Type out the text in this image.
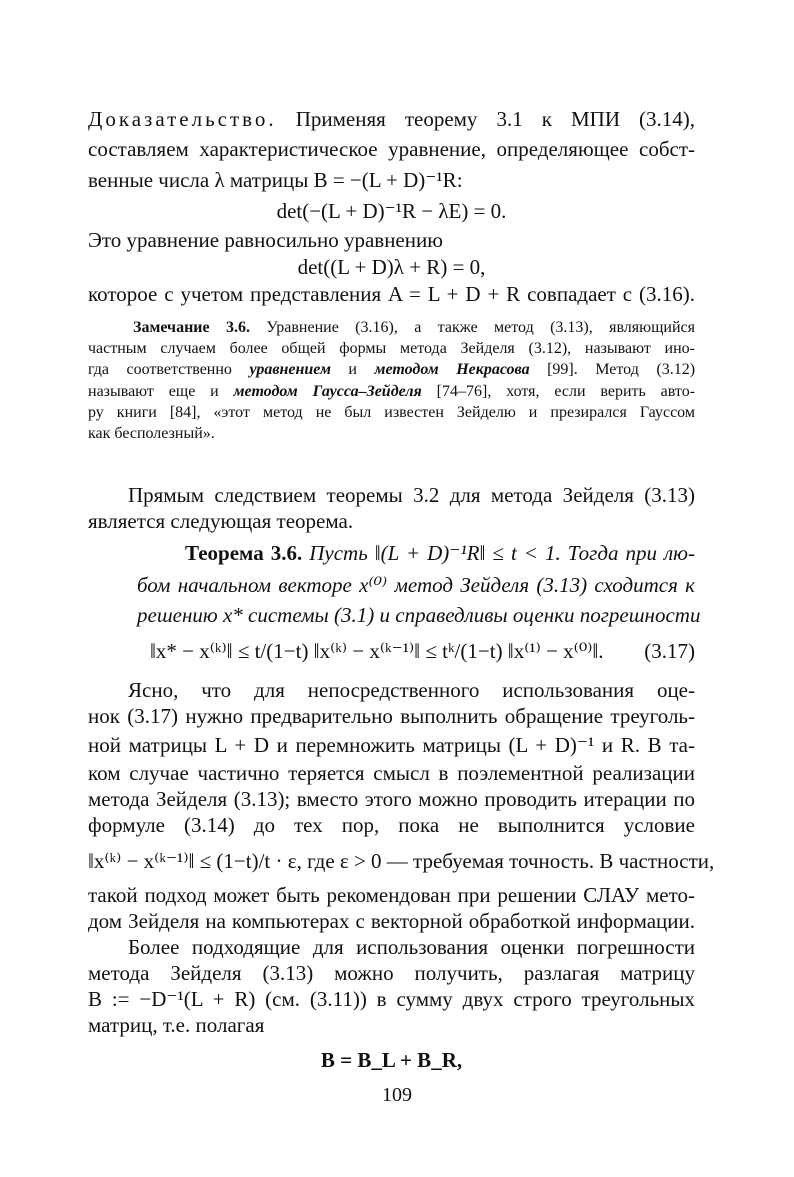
Доказательство. Применяя теорему 3.1 к МПИ (3.14),
составляем характеристическое уравнение, определяющее собст-
венные числа λ матрицы B = −(L + D)⁻¹R:
det(−(L + D)⁻¹R − λE) = 0.
Это уравнение равносильно уравнению
det((L + D)λ + R) = 0,
которое с учетом представления A = L + D + R совпадает с (3.16).
Замечание 3.6. Уравнение (3.16), а также метод (3.13), являющийся
частным случаем более общей формы метода Зейделя (3.12), называют ино-
гда соответственно уравнением и методом Некрасова [99]. Метод (3.12)
называют еще и методом Гаусса–Зейделя [74–76], хотя, если верить авто-
ру книги [84], «этот метод не был известен Зейделю и презирался Гауссом
как бесполезный».
Прямым следствием теоремы 3.2 для метода Зейделя (3.13)
является следующая теорема.
Теорема 3.6. Пусть ‖(L + D)⁻¹R‖ ≤ t < 1. Тогда при лю-
бом начальном векторе x⁽⁰⁾ метод Зейделя (3.13) сходится к
решению x* системы (3.1) и справедливы оценки погрешности
‖x* − x⁽ᵏ⁾‖ ≤ t/(1−t) ‖x⁽ᵏ⁾ − x⁽ᵏ⁻¹⁾‖ ≤ tᵏ/(1−t) ‖x⁽¹⁾ − x⁽⁰⁾‖. (3.17)
Ясно, что для непосредственного использования оце-
нок (3.17) нужно предварительно выполнить обращение треуголь-
ной матрицы L + D и перемножить матрицы (L + D)⁻¹ и R. В та-
ком случае частично теряется смысл в поэлементной реализации
метода Зейделя (3.13); вместо этого можно проводить итерации по
формуле (3.14) до тех пор, пока не выполнится условие
‖x⁽ᵏ⁾ − x⁽ᵏ⁻¹⁾‖ ≤ (1−t)/t · ε, где ε > 0 — требуемая точность. В частности,
такой подход может быть рекомендован при решении СЛАУ мето-
дом Зейделя на компьютерах с векторной обработкой информации.
Более подходящие для использования оценки погрешности
метода Зейделя (3.13) можно получить, разлагая матрицу
B := −D⁻¹(L + R) (см. (3.11)) в сумму двух строго треугольных
матриц, т.е. полагая
B = B_L + B_R,
109
